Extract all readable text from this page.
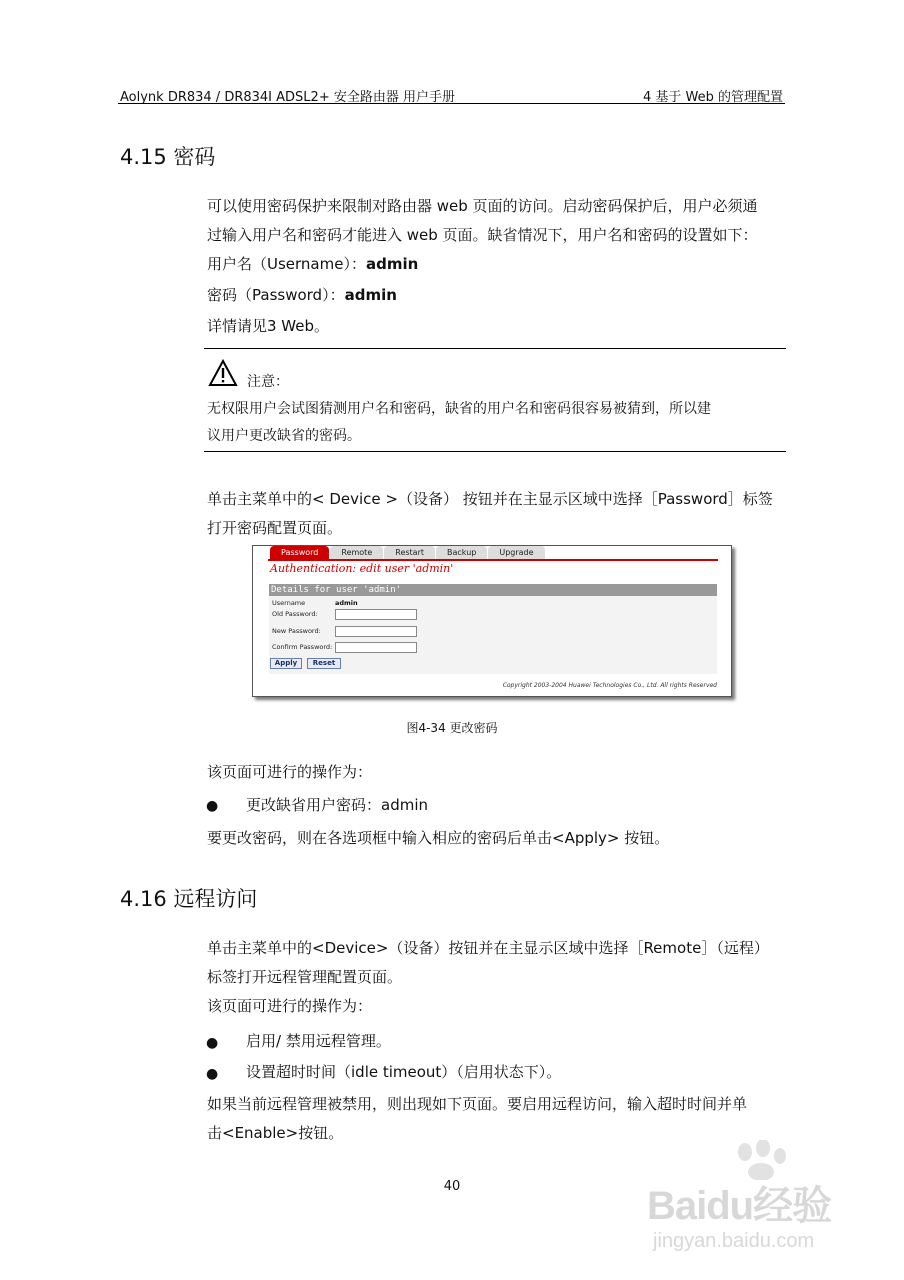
Aolynk DR834 / DR834I ADSL2+ 安全路由器 用户手册	4 基于 Web 的管理配置
4.15 密码
可以使用密码保护来限制对路由器 web 页面的访问。启动密码保护后，用户必须通
过输入用户名和密码才能进入 web 页面。缺省情况下，用户名和密码的设置如下：
用户名（Username）：admin
密码（Password）：admin
详情请见3 Web。
注意：
无权限用户会试图猜测用户名和密码，缺省的用户名和密码很容易被猜到，所以建
议用户更改缺省的密码。
单击主菜单中的< Device >（设备） 按钮并在主显示区域中选择［Password］标签
打开密码配置页面。
Password	Remote	Restart	Backup	Upgrade
Authentication: edit user 'admin'
Details for user 'admin'
Username	admin
Old Password:
New Password:
Confirm Password:
Apply	Reset
Copyright 2003-2004 Huawei Technologies Co., Ltd. All rights Reserved
图4-34 更改密码
该页面可进行的操作为：
● 更改缺省用户密码：admin
要更改密码，则在各选项框中输入相应的密码后单击<Apply> 按钮。
4.16 远程访问
单击主菜单中的<Device>（设备）按钮并在主显示区域中选择［Remote］（远程）
标签打开远程管理配置页面。
该页面可进行的操作为：
● 启用/ 禁用远程管理。
● 设置超时时间（idle timeout）（启用状态下）。
如果当前远程管理被禁用，则出现如下页面。要启用远程访问，输入超时时间并单
击<Enable>按钮。
40	Baidu经验
jingyan.baidu.com
